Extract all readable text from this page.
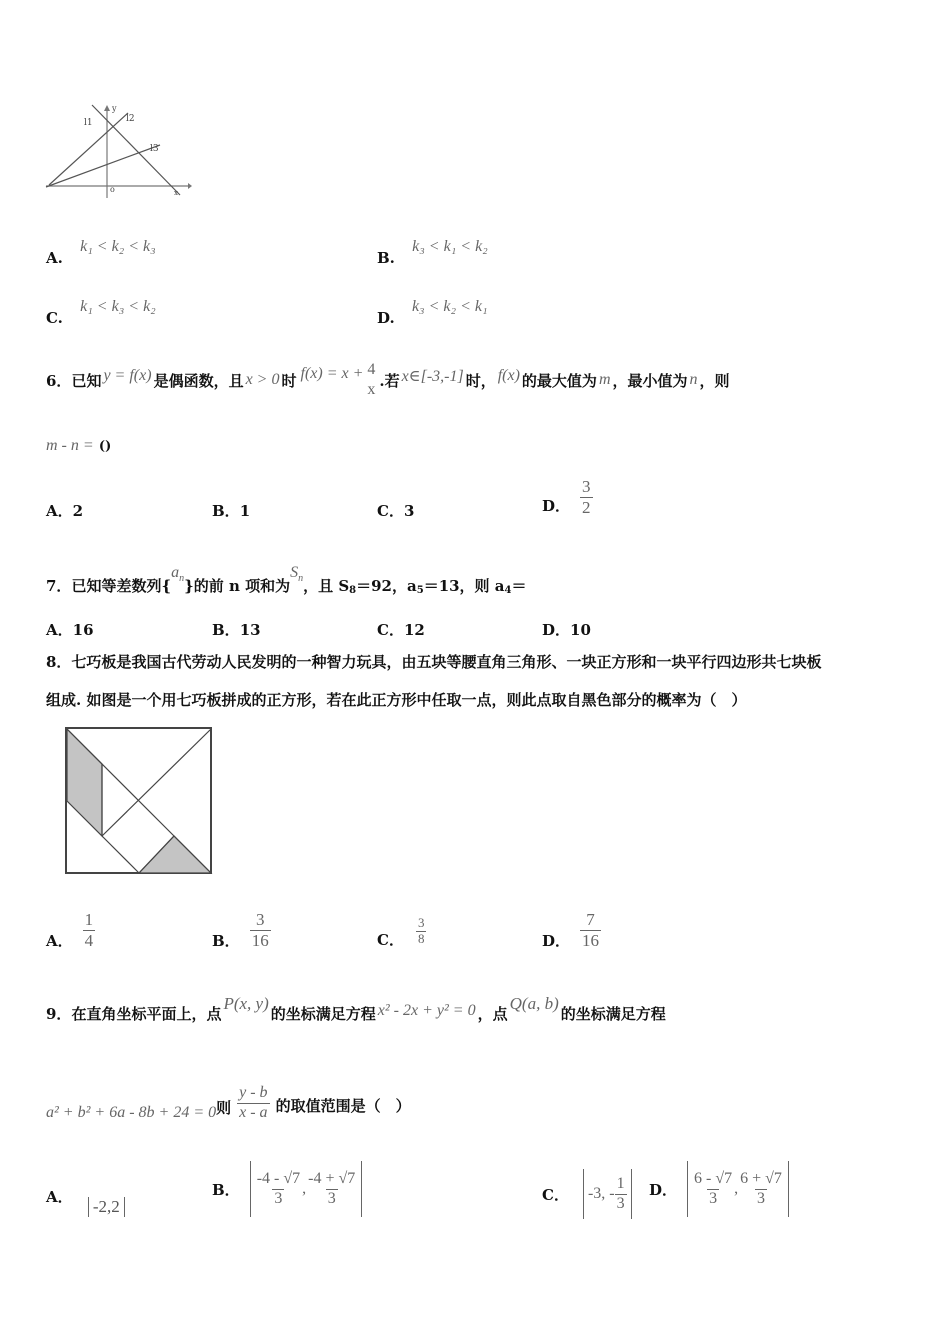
y
l1	l2
l3
o	x
A. k₁ < k₂ < k₃
B. k₃ < k₁ < k₂
C. k₁ < k₃ < k₂
D. k₃ < k₂ < k₁
6． 已知 y = f(x) 是偶函数，且 x > 0 时 $f(x) = x + \frac{4}{x}$ .若 x∈[-3,-1] 时， f(x) 的最大值为 m ，最小值为 n ，则
m - n = ()
A．2	B．1	C．3	D． $\frac{3}{2}$
7． 已知等差数列{
$a_n$ }的前 n 项和为
$S_n$ ，且 $S_8 =92$，$a_5 =13$，则 $a_4$ ＝
A．16	B．13	C．12	D．10
8．七巧板是我国古代劳动人民发明的一种智力玩具，由五块等腰直角三角形、一块正方形和一块平行四边形共七块板
组成. 如图是一个用七巧板拼成的正方形，若在此正方形中任取一点，则此点取自黑色部分的概率为（　）
A． $\frac{1}{4}$	B． $\frac{3}{16}$	C． $\frac{3}{8}$	D． $\frac{7}{16}$
9． 在直角坐标平面上，点
P(x, y)
的坐标满足方程 x² - 2x + y² = 0 ，点
Q(a, b)
的坐标满足方程
a² + b² + 6a - 8b + 24 = 0 则 $\frac{y - b}{x - a}$ 的取值范围是（　）
A． -2,2
B． $\frac{-4 - √7}{3}$ , $\frac{-4 + √7}{3}$	C． -3, - $\frac{1}{3}$ D． $\frac{6 - √7}{3}$ , $\frac{6 + √7}{3}$
